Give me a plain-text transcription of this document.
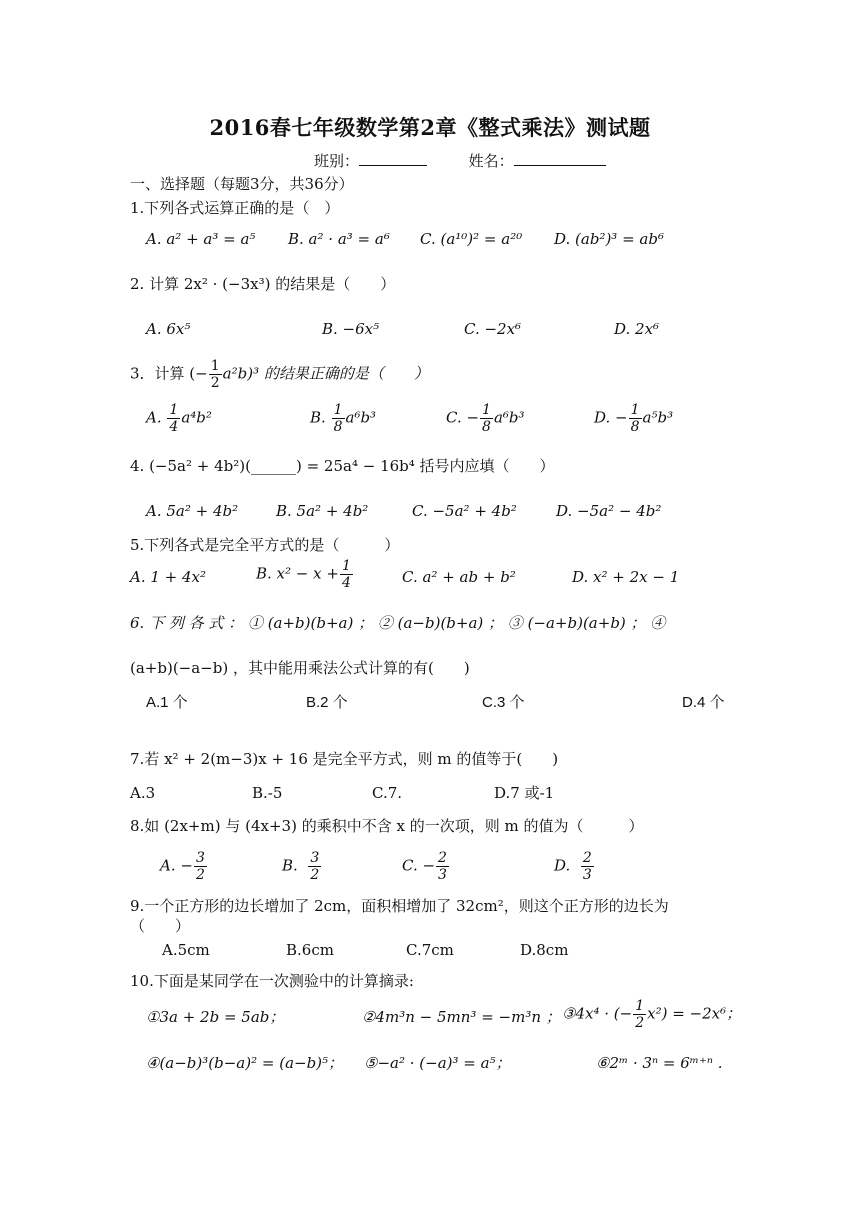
2016春七年级数学第2章《整式乘法》测试题
班别：	姓名：
一、选择题（每题3分，共36分）
1.下列各式运算正确的是（　）
A. a² + a³ = a⁵ B. a² · a³ = a⁶ C. (a¹⁰)² = a²⁰ D. (ab²)³ = ab⁶
2. 计算 2x² · (−3x³) 的结果是（　　）
A. 6x⁵	B. −6x⁵	C. −2x⁶	D. 2x⁶
3．计算 (− $\frac{1}{2} a^2b)^3$ 的结果正确的是（　　）
A. $\frac{1}{4} a^4b^2$	B. $\frac{1}{8} a^6b^3$	C. − $\frac{1}{8} a^6b^3$	D. − $\frac{1}{8} a^5b^3$
4. (−5a² + 4b²)(______) = 25a⁴ − 16b⁴ 括号内应填（　　）
A. 5a² + 4b²	B. 5a² + 4b²	C. −5a² + 4b²	D. −5a² − 4b²
5.下列各式是完全平方式的是（　　　）
A. 1 + 4x²	B. $x^2 - x + \frac{1}{4}$	C. a² + ab + b²	D. x² + 2x − 1
6. 下 列 各 式 ： ① (a+b)(b+a) ； ② (a−b)(b+a) ； ③ (−a+b)(a+b) ； ④
(a+b)(−a−b) ，其中能用乘法公式计算的有(　　)
A.1 个	B.2 个	C.3 个	D.4 个
7.若 x² + 2(m−3)x + 16 是完全平方式，则 m 的值等于(　　)
A.3	B.-5	C.7.	D.7 或-1
8.如 (2x+m) 与 (4x+3) 的乘积中不含 x 的一次项，则 m 的值为（　　　）
A. − $\frac{3}{2}$	B. $\frac{3}{2}$	C. − $\frac{2}{3}$	D. $\frac{2}{3}$
9.一个正方形的边长增加了 2cm，面积相增加了 32cm²，则这个正方形的边长为
（　　）
A.5cm	B.6cm	C.7cm	D.8cm
10.下面是某同学在一次测验中的计算摘录:
①3a + 2b = 5ab；	②4m³n − 5mn³ = −m³n ； ③4x⁴ · (− $\frac{1}{2} x^2) = -2x^6$；
④(a−b)³(b−a)² = (a−b)⁵； ⑤−a² · (−a)³ = a⁵；	⑥2ᵐ · 3ⁿ = 6ᵐ⁺ⁿ .
